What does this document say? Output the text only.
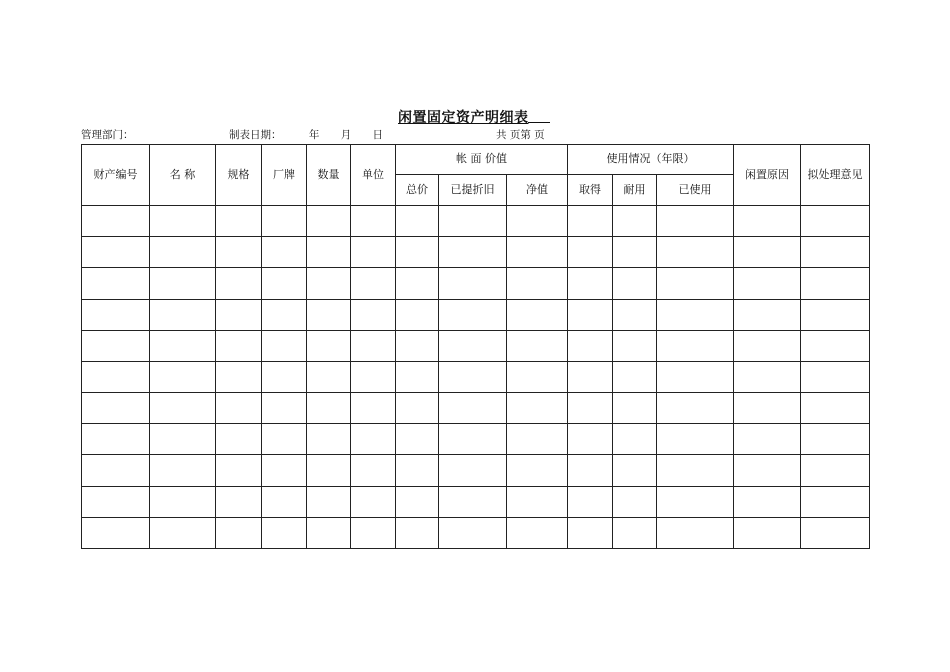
闲置固定资产明细表
管理部门：	制表日期：	年 月 日	共 页第 页
财产编号	名 称	规格	厂牌	数量	单位	帐 面 价值			使用情况（年限）			闲置原因	拟处理意见
						总价	已提折旧	净值	取得	耐用	已使用		
